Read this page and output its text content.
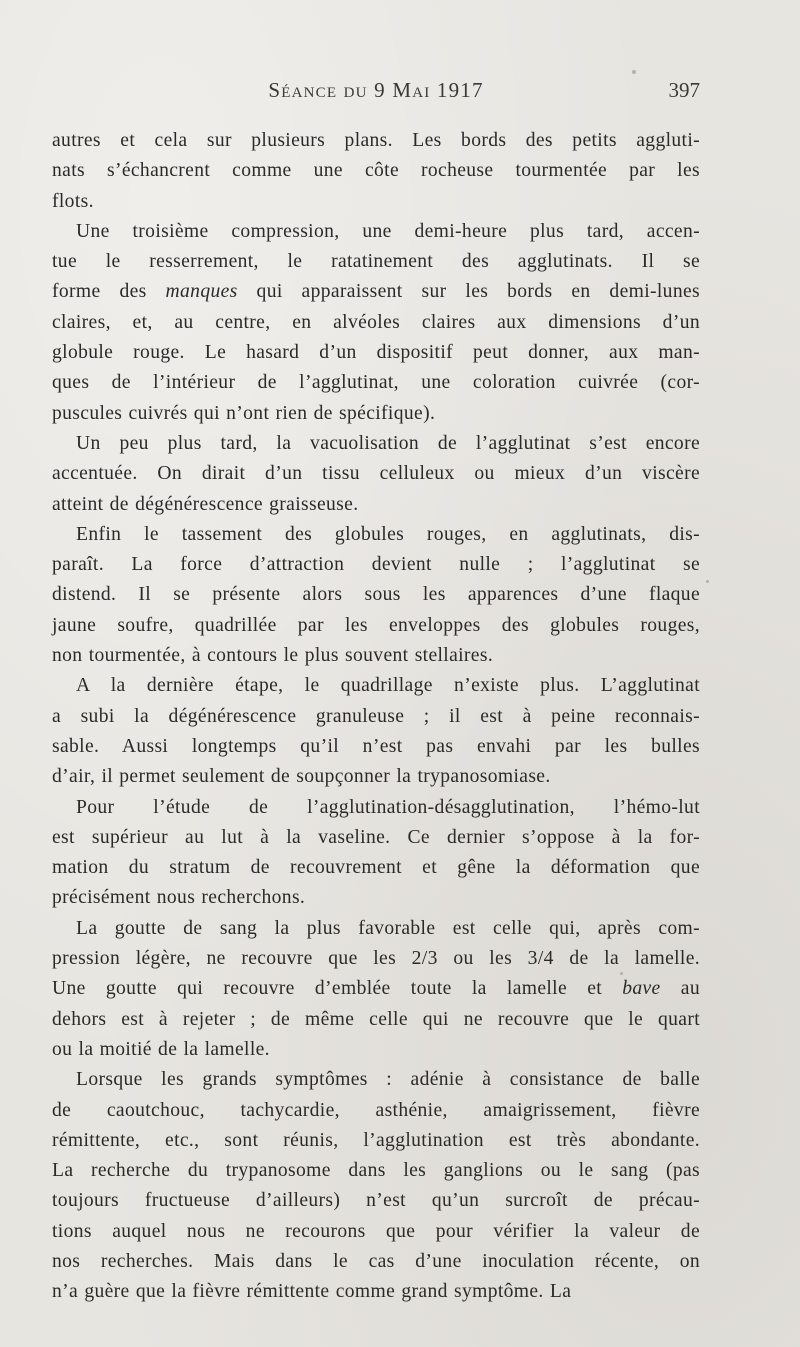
Séance du 9 Mai 1917	397
autres et cela sur plusieurs plans. Les bords des petits aggluti-
nats s’échancrent comme une côte rocheuse tourmentée par les
flots.
Une troisième compression, une demi-heure plus tard, accen-
tue le resserrement, le ratatinement des agglutinats. Il se
forme des manques qui apparaissent sur les bords en demi-lunes
claires, et, au centre, en alvéoles claires aux dimensions d’un
globule rouge. Le hasard d’un dispositif peut donner, aux man-
ques de l’intérieur de l’agglutinat, une coloration cuivrée (cor-
puscules cuivrés qui n’ont rien de spécifique).
Un peu plus tard, la vacuolisation de l’agglutinat s’est encore
accentuée. On dirait d’un tissu celluleux ou mieux d’un viscère
atteint de dégénérescence graisseuse.
Enfin le tassement des globules rouges, en agglutinats, dis-
paraît. La force d’attraction devient nulle ; l’agglutinat se
distend. Il se présente alors sous les apparences d’une flaque
jaune soufre, quadrillée par les enveloppes des globules rouges,
non tourmentée, à contours le plus souvent stellaires.
A la dernière étape, le quadrillage n’existe plus. L’agglutinat
a subi la dégénérescence granuleuse ; il est à peine reconnais-
sable. Aussi longtemps qu’il n’est pas envahi par les bulles
d’air, il permet seulement de soupçonner la trypanosomiase.
Pour l’étude de l’agglutination-désagglutination, l’hémo-lut
est supérieur au lut à la vaseline. Ce dernier s’oppose à la for-
mation du stratum de recouvrement et gêne la déformation que
précisément nous recherchons.
La goutte de sang la plus favorable est celle qui, après com-
pression légère, ne recouvre que les 2/3 ou les 3/4 de la lamelle.
Une goutte qui recouvre d’emblée toute la lamelle et bave au
dehors est à rejeter ; de même celle qui ne recouvre que le quart
ou la moitié de la lamelle.
Lorsque les grands symptômes : adénie à consistance de balle
de caoutchouc, tachycardie, asthénie, amaigrissement, fièvre
rémittente, etc., sont réunis, l’agglutination est très abondante.
La recherche du trypanosome dans les ganglions ou le sang (pas
toujours fructueuse d’ailleurs) n’est qu’un surcroît de précau-
tions auquel nous ne recourons que pour vérifier la valeur de
nos recherches. Mais dans le cas d’une inoculation récente, on
n’a guère que la fièvre rémittente comme grand symptôme. La
